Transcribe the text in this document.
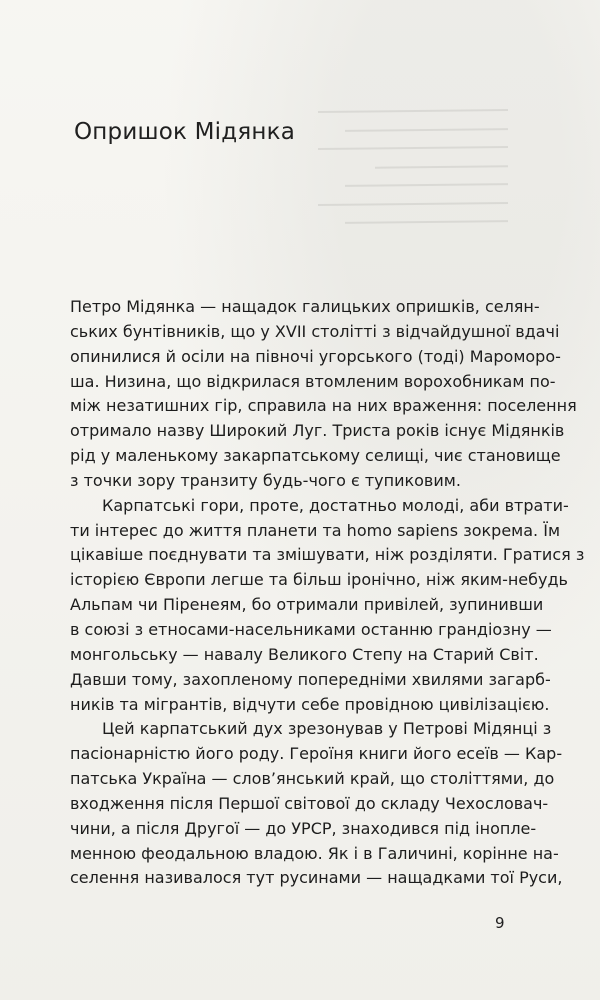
Опришок Мідянка
Петро Мідянка — нащадок галицьких опришків, селян-
ських бунтівників, що у XVII столітті з відчайдушної вдачі
опинилися й осіли на півночі угорського (тоді) Мароморо-
ша. Низина, що відкрилася втомленим ворохобникам по-
між незатишних гір, справила на них враження: поселення
отримало назву Широкий Луг. Триста років існує Мідянків
рід у маленькому закарпатському селищі, чиє становище
з точки зору транзиту будь-чого є тупиковим.
Карпатські гори, проте, достатньо молоді, аби втрати-
ти інтерес до життя планети та homo sapiens зокрема. Їм
цікавіше поєднувати та змішувати, ніж розділяти. Гратися з
історією Європи легше та більш іронічно, ніж яким-небудь
Альпам чи Піренеям, бо отримали привілей, зупинивши
в союзі з етносами-насельниками останню грандіозну —
монгольську — навалу Великого Степу на Старий Світ.
Давши тому, захопленому попередніми хвилями загарб-
ників та мігрантів, відчути себе провідною цивілізацією.
Цей карпатський дух зрезонував у Петрові Мідянці з
пасіонарністю його роду. Героїня книги його есеїв — Кар-
патська Україна — слов’янський край, що століттями, до
входження після Першої світової до складу Чехословач-
чини, а після Другої — до УРСР, знаходився під іноплe-
менною феодальною владою. Як і в Галичині, корінне на-
селення називалося тут русинами — нащадками тої Руси,
9
